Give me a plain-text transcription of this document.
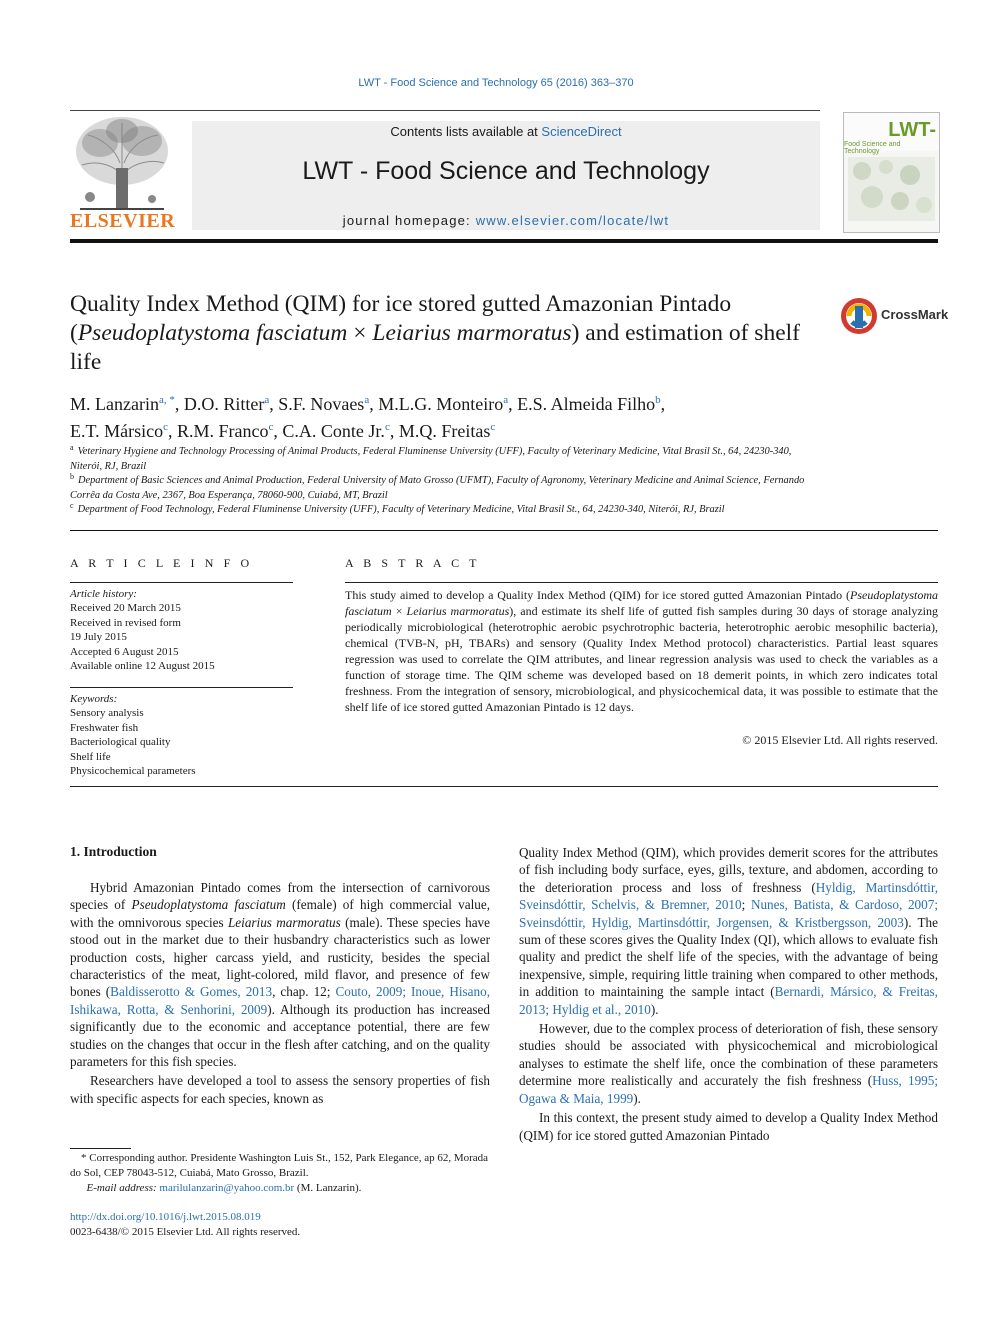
LWT - Food Science and Technology 65 (2016) 363–370
ELSEVIER
Contents lists available at ScienceDirect
LWT - Food Science and Technology
journal homepage: www.elsevier.com/locate/lwt
LWT-
Food Science and Technology
Quality Index Method (QIM) for ice stored gutted Amazonian Pintado (Pseudoplatystoma fasciatum × Leiarius marmoratus) and estimation of shelf life
CrossMark
M. Lanzarin$^{a, *}$, D.O. Ritter$^a$, S.F. Novaes$^a$, M.L.G. Monteiro$^a$, E.S. Almeida Filho$^b$,
E.T. Mársico$^c$, R.M. Franco$^c$, C.A. Conte Jr.$^c$, M.Q. Freitas$^c$
$^a$ Veterinary Hygiene and Technology Processing of Animal Products, Federal Fluminense University (UFF), Faculty of Veterinary Medicine, Vital Brasil St., 64, 24230-340, Niterói, RJ, Brazil
$^b$ Department of Basic Sciences and Animal Production, Federal University of Mato Grosso (UFMT), Faculty of Agronomy, Veterinary Medicine and Animal Science, Fernando Corrêa da Costa Ave, 2367, Boa Esperança, 78060-900, Cuiabá, MT, Brazil
$^c$ Department of Food Technology, Federal Fluminense University (UFF), Faculty of Veterinary Medicine, Vital Brasil St., 64, 24230-340, Niterói, RJ, Brazil
A R T I C L E I N F O
Article history:
Received 20 March 2015
Received in revised form
19 July 2015
Accepted 6 August 2015
Available online 12 August 2015
Keywords:
Sensory analysis
Freshwater fish
Bacteriological quality
Shelf life
Physicochemical parameters
A B S T R A C T
This study aimed to develop a Quality Index Method (QIM) for ice stored gutted Amazonian Pintado (Pseudoplatystoma fasciatum × Leiarius marmoratus), and estimate its shelf life of gutted fish samples during 30 days of storage analyzing periodically microbiological (heterotrophic aerobic psychrotrophic bacteria, heterotrophic aerobic mesophilic bacteria), chemical (TVB-N, pH, TBARs) and sensory (Quality Index Method protocol) characteristics. Partial least squares regression was used to correlate the QIM attributes, and linear regression analysis was used to check the variables as a function of storage time. The QIM scheme was developed based on 18 demerit points, in which zero indicates total freshness. From the integration of sensory, microbiological, and physicochemical data, it was possible to estimate that the shelf life of ice stored gutted Amazonian Pintado is 12 days.
© 2015 Elsevier Ltd. All rights reserved.
1. Introduction

Hybrid Amazonian Pintado comes from the intersection of carnivorous species of Pseudoplatystoma fasciatum (female) of high commercial value, with the omnivorous species Leiarius marmoratus (male). These species have stood out in the market due to their husbandry characteristics such as lower production costs, higher carcass yield, and rusticity, besides the special characteristics of the meat, light-colored, mild flavor, and presence of few bones (Baldisserotto & Gomes, 2013, chap. 12; Couto, 2009; Inoue, Hisano, Ishikawa, Rotta, & Senhorini, 2009). Although its production has increased significantly due to the economic and acceptance potential, there are few studies on the changes that occur in the flesh after catching, and on the quality parameters for this fish species.

Researchers have developed a tool to assess the sensory properties of fish with specific aspects for each species, known as

Quality Index Method (QIM), which provides demerit scores for the attributes of fish including body surface, eyes, gills, texture, and abdomen, according to the deterioration process and loss of freshness (Hyldig, Martinsdóttir, Sveinsdóttir, Schelvis, & Bremner, 2010; Nunes, Batista, & Cardoso, 2007; Sveinsdóttir, Hyldig, Martinsdóttir, Jorgensen, & Kristbergsson, 2003). The sum of these scores gives the Quality Index (QI), which allows to evaluate fish quality and predict the shelf life of the species, with the advantage of being inexpensive, simple, requiring little training when compared to other methods, in addition to maintaining the sample intact (Bernardi, Mársico, & Freitas, 2013; Hyldig et al., 2010).

However, due to the complex process of deterioration of fish, these sensory studies should be associated with physicochemical and microbiological analyses to estimate the shelf life, once the combination of these parameters determine more realistically and accurately the fish freshness (Huss, 1995; Ogawa & Maia, 1999).

In this context, the present study aimed to develop a Quality Index Method (QIM) for ice stored gutted Amazonian Pintado

* Corresponding author. Presidente Washington Luis St., 152, Park Elegance, ap 62, Morada do Sol, CEP 78043-512, Cuiabá, Mato Grosso, Brazil.
E-mail address: marilulanzarin@yahoo.com.br (M. Lanzarin).
http://dx.doi.org/10.1016/j.lwt.2015.08.019
0023-6438/© 2015 Elsevier Ltd. All rights reserved.
